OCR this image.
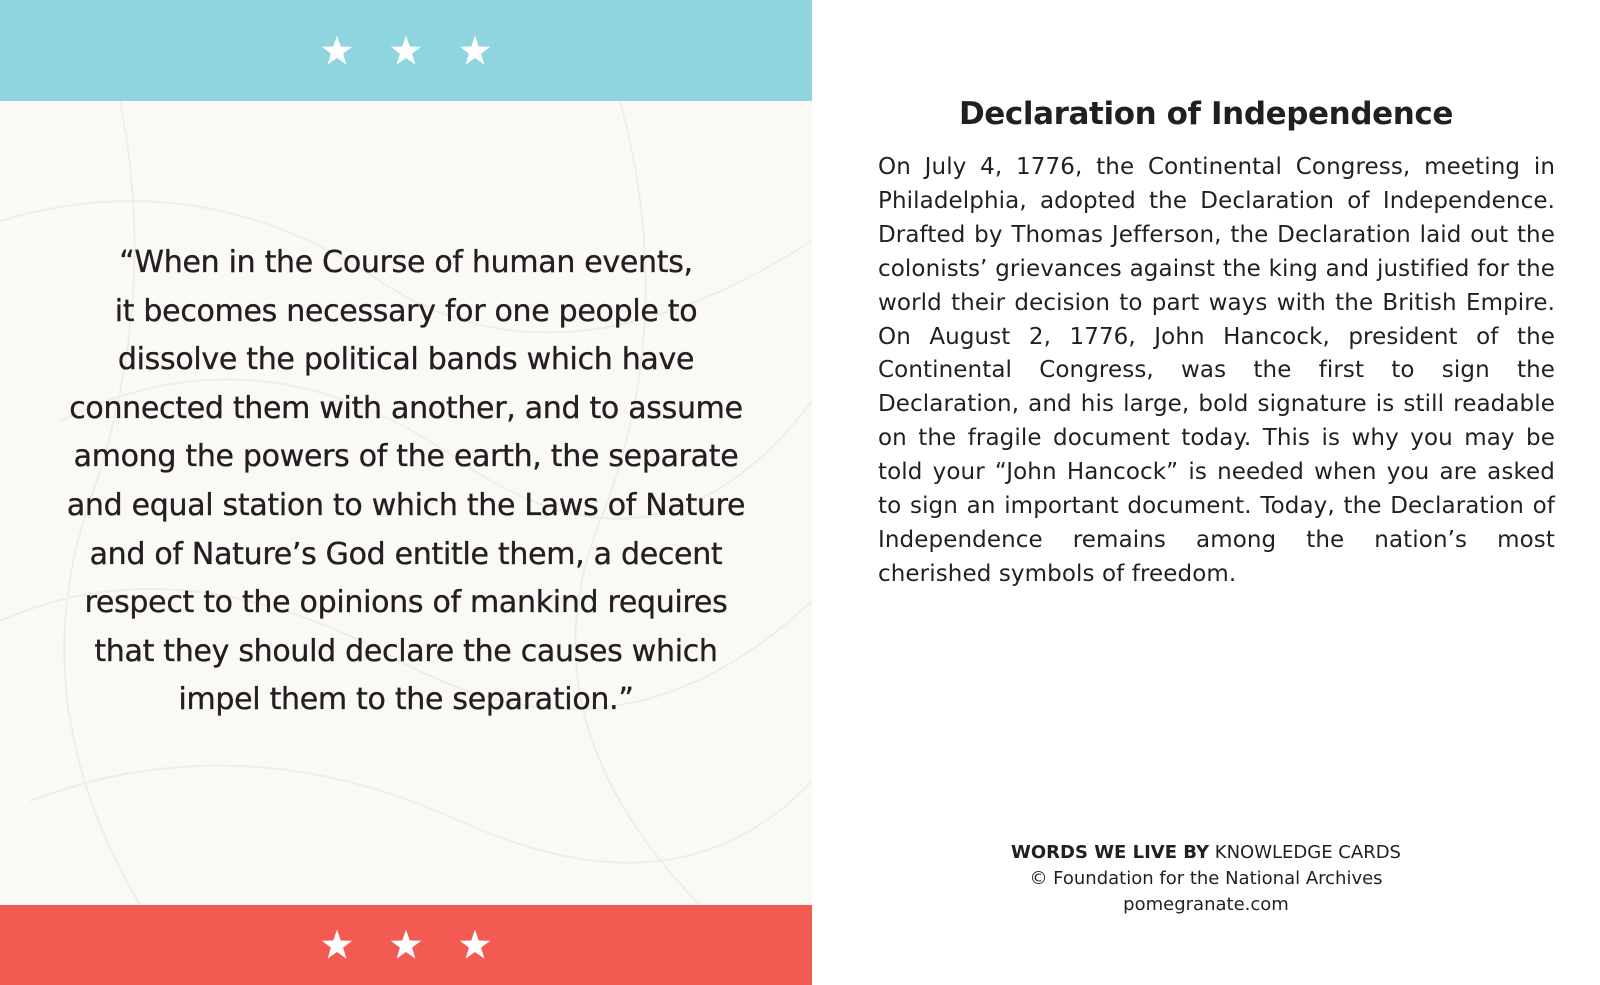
“When in the Course of human events,
it becomes necessary for one people to
dissolve the political bands which have
connected them with another, and to assume
among the powers of the earth, the separate
and equal station to which the Laws of Nature
and of Nature’s God entitle them, a decent
respect to the opinions of mankind requires
that they should declare the causes which
impel them to the separation.”

Declaration of Independence

On July 4, 1776, the Continental Congress, meeting in Philadelphia, adopted the Declaration of Independence. Drafted by Thomas Jefferson, the Declaration laid out the colonists’ grievances against the king and justified for the world their decision to part ways with the British Empire. On August 2, 1776, John Hancock, president of the Continental Congress, was the first to sign the Declaration, and his large, bold signature is still readable on the fragile document today. This is why you may be told your “John Hancock” is needed when you are asked to sign an important document. Today, the Declaration of Independence remains among the nation’s most cherished symbols of freedom.

WORDS WE LIVE BY KNOWLEDGE CARDS
© Foundation for the National Archives
pomegranate.com
